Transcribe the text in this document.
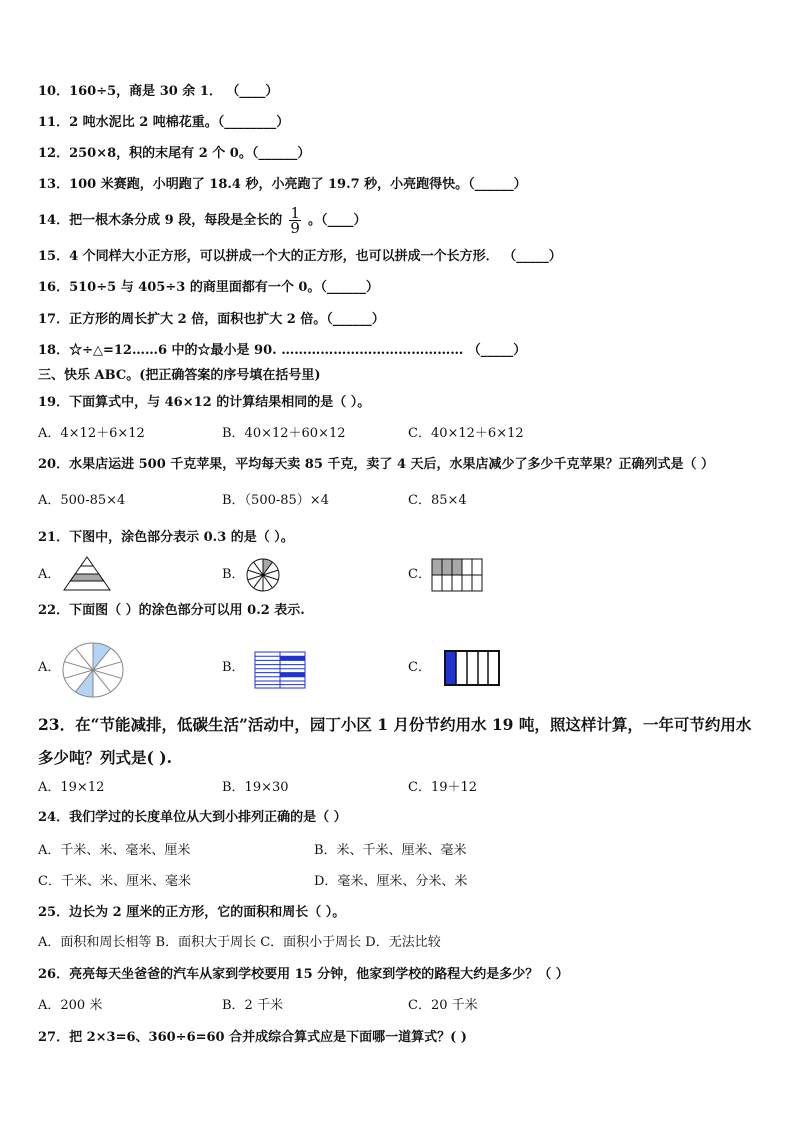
10．160÷5，商是 30 余 1． （____）
11．2 吨水泥比 2 吨棉花重。（________）
12．250×8，积的末尾有 2 个 0。（______）
13．100 米赛跑，小明跑了 18.4 秒，小亮跑了 19.7 秒，小亮跑得快。（______）
14．把一根木条分成 9 段，每段是全长的 $\frac{1}{9}$ 。（____）
15．4 个同样大小正方形，可以拼成一个大的正方形，也可以拼成一个长方形． （_____）
16．510÷5 与 405÷3 的商里面都有一个 0。（______）
17．正方形的周长扩大 2 倍，面积也扩大 2 倍。（______）
18．☆÷△=12……6 中的☆最小是 90. …………………………………… （_____）
三、快乐 ABC。(把正确答案的序号填在括号里)
19．下面算式中，与 46×12 的计算结果相同的是（ ）。
A．4×12＋6×12	B．40×12＋60×12	C．40×12＋6×12
20．水果店运进 500 千克苹果，平均每天卖 85 千克，卖了 4 天后，水果店减少了多少千克苹果？正确列式是（ ）
A．500-85×4	B．（500-85）×4	C．85×4
21．下图中，涂色部分表示 0.3 的是（ ）。
A．	B．	C．
22．下面图（ ）的涂色部分可以用 0.2 表示.
A．	B．	C．
23．在“节能减排，低碳生活”活动中，园丁小区 1 月份节约用水 19 吨，照这样计算，一年可节约用水
多少吨？列式是( ).
A．19×12	B．19×30	C．19＋12
24．我们学过的长度单位从大到小排列正确的是（ ）
A．千米、米、毫米、厘米	B．米、千米、厘米、毫米
C．千米、米、厘米、毫米	D．毫米、厘米、分米、米
25．边长为 2 厘米的正方形，它的面积和周长（ ）。
A．面积和周长相等 B．面积大于周长 C．面积小于周长 D．无法比较
26．亮亮每天坐爸爸的汽车从家到学校要用 15 分钟，他家到学校的路程大约是多少？（ ）
A．200 米	B．2 千米	C．20 千米
27．把 2×3=6、360÷6=60 合并成综合算式应是下面哪一道算式？( )
